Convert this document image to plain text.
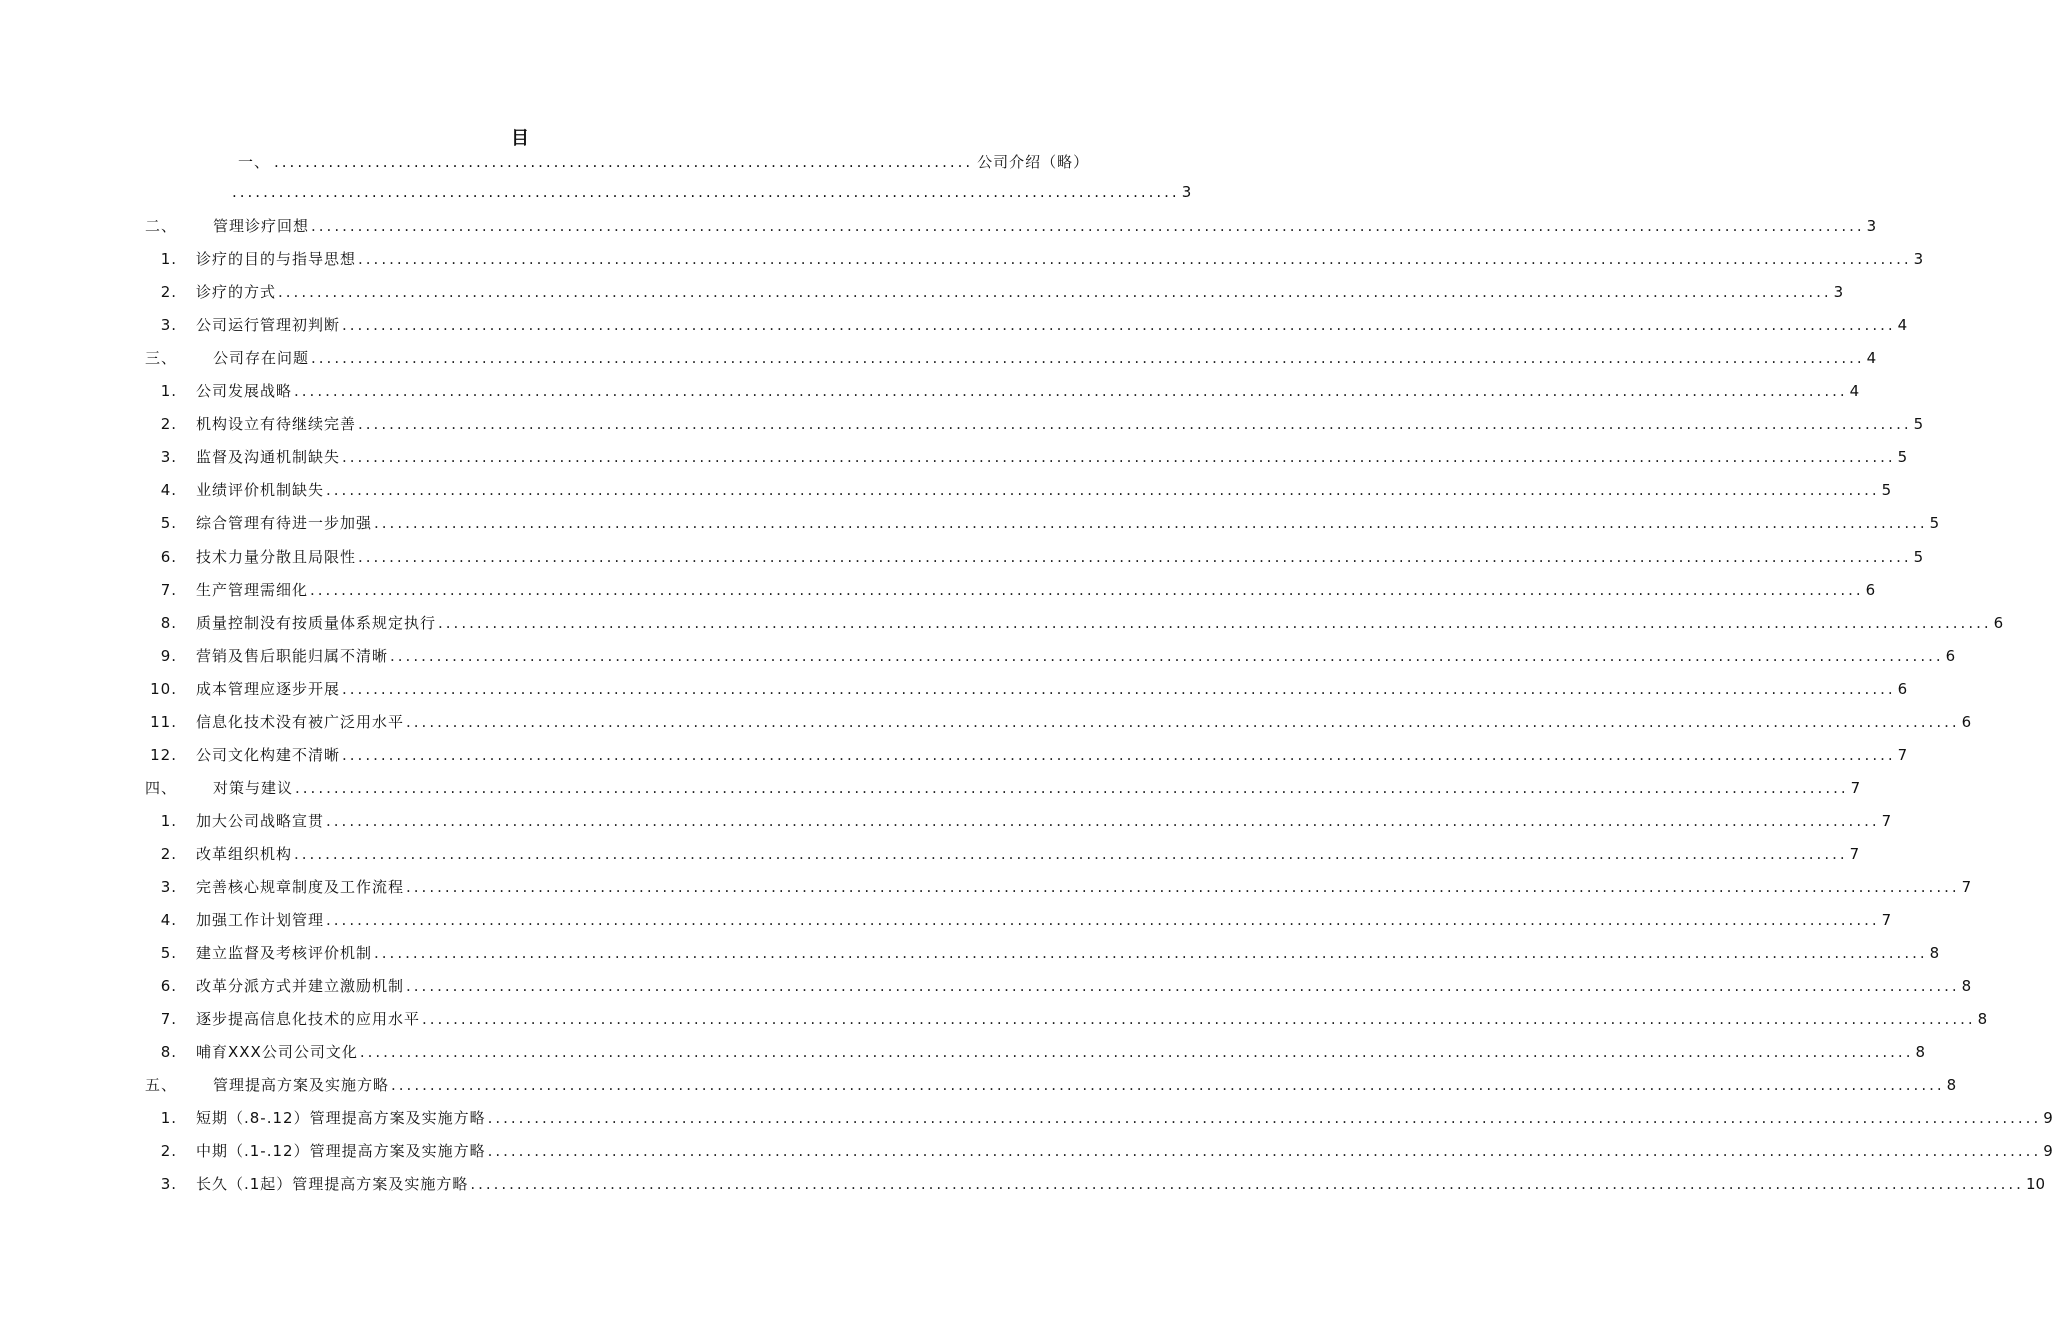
目
一、 .......................................................................................... 公司介绍（略）
.......................................................................................................................... 3
二、	管理诊疗回想 ........................................................................................................................................................................................................ 3
1. 诊疗的目的与指导思想 ........................................................................................................................................................................................................ 3
2. 诊疗的方式 ........................................................................................................................................................................................................ 3
3. 公司运行管理初判断 ........................................................................................................................................................................................................ 4
三、	公司存在问题 ........................................................................................................................................................................................................ 4
1. 公司发展战略 ........................................................................................................................................................................................................ 4
2. 机构设立有待继续完善 ........................................................................................................................................................................................................ 5
3. 监督及沟通机制缺失 ........................................................................................................................................................................................................ 5
4. 业绩评价机制缺失 ........................................................................................................................................................................................................ 5
5. 综合管理有待进一步加强 ........................................................................................................................................................................................................ 5
6. 技术力量分散且局限性 ........................................................................................................................................................................................................ 5
7. 生产管理需细化 ........................................................................................................................................................................................................ 6
8. 质量控制没有按质量体系规定执行 ........................................................................................................................................................................................................ 6
9. 营销及售后职能归属不清晰 ........................................................................................................................................................................................................ 6
10. 成本管理应逐步开展 ........................................................................................................................................................................................................ 6
11. 信息化技术没有被广泛用水平 ........................................................................................................................................................................................................ 6
12. 公司文化构建不清晰 ........................................................................................................................................................................................................ 7
四、	对策与建议 ........................................................................................................................................................................................................ 7
1. 加大公司战略宣贯 ........................................................................................................................................................................................................ 7
2. 改革组织机构 ........................................................................................................................................................................................................ 7
3. 完善核心规章制度及工作流程 ........................................................................................................................................................................................................ 7
4. 加强工作计划管理 ........................................................................................................................................................................................................ 7
5. 建立监督及考核评价机制 ........................................................................................................................................................................................................ 8
6. 改革分派方式并建立激励机制 ........................................................................................................................................................................................................ 8
7. 逐步提高信息化技术的应用水平 ........................................................................................................................................................................................................ 8
8. 哺育XXX公司公司文化 ........................................................................................................................................................................................................ 8
五、	管理提高方案及实施方略 ........................................................................................................................................................................................................ 8
1. 短期（.8-.12）管理提高方案及实施方略 ........................................................................................................................................................................................................ 9
2. 中期（.1-.12）管理提高方案及实施方略 ........................................................................................................................................................................................................ 9
3. 长久（.1起）管理提高方案及实施方略 ........................................................................................................................................................................................................ 10
